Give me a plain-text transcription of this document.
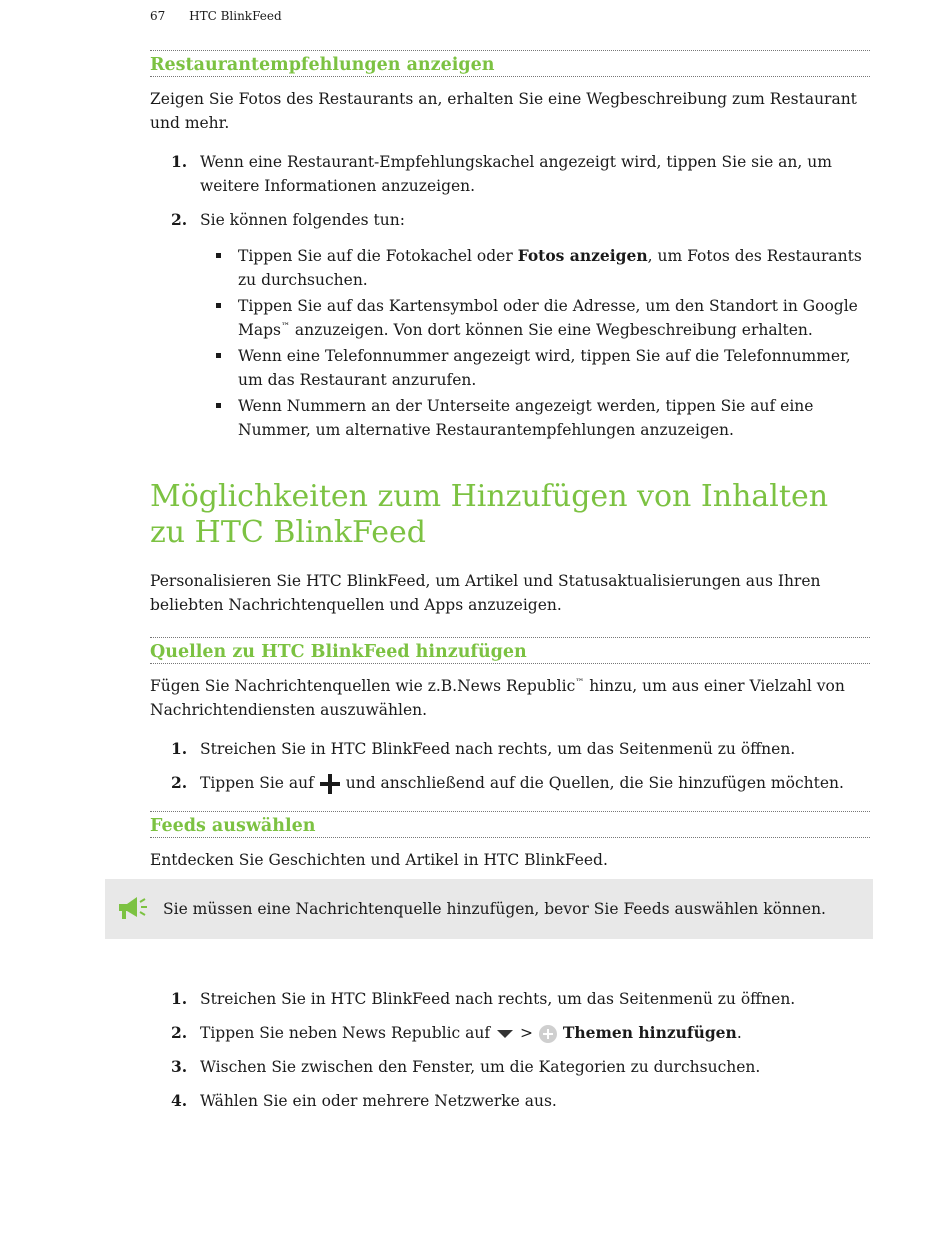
67 HTC BlinkFeed
Restaurantempfehlungen anzeigen

Zeigen Sie Fotos des Restaurants an, erhalten Sie eine Wegbeschreibung zum Restaurant und mehr.

1. Wenn eine Restaurant-Empfehlungskachel angezeigt wird, tippen Sie sie an, um weitere Informationen anzuzeigen.
2. Sie können folgendes tun:
Tippen Sie auf die Fotokachel oder Fotos anzeigen, um Fotos des Restaurants zu durchsuchen.
Tippen Sie auf das Kartensymbol oder die Adresse, um den Standort in Google Maps™ anzuzeigen. Von dort können Sie eine Wegbeschreibung erhalten.
Wenn eine Telefonnummer angezeigt wird, tippen Sie auf die Telefonnummer, um das Restaurant anzurufen.
Wenn Nummern an der Unterseite angezeigt werden, tippen Sie auf eine Nummer, um alternative Restaurantempfehlungen anzuzeigen.
Möglichkeiten zum Hinzufügen von Inhalten zu HTC BlinkFeed

Personalisieren Sie HTC BlinkFeed, um Artikel und Statusaktualisierungen aus Ihren beliebten Nachrichtenquellen und Apps anzuzeigen.

Quellen zu HTC BlinkFeed hinzufügen

Fügen Sie Nachrichtenquellen wie z.B.News Republic™ hinzu, um aus einer Vielzahl von Nachrichtendiensten auszuwählen.

1. Streichen Sie in HTC BlinkFeed nach rechts, um das Seitenmenü zu öffnen.
2. Tippen Sie auf  und anschließend auf die Quellen, die Sie hinzufügen möchten.
Feeds auswählen

Entdecken Sie Geschichten und Artikel in HTC BlinkFeed.

1. Streichen Sie in HTC BlinkFeed nach rechts, um das Seitenmenü zu öffnen.
2. Tippen Sie neben News Republic auf  >  Themen hinzufügen.
3. Wischen Sie zwischen den Fenster, um die Kategorien zu durchsuchen.
4. Wählen Sie ein oder mehrere Netzwerke aus.
Sie müssen eine Nachrichtenquelle hinzufügen, bevor Sie Feeds auswählen können.
